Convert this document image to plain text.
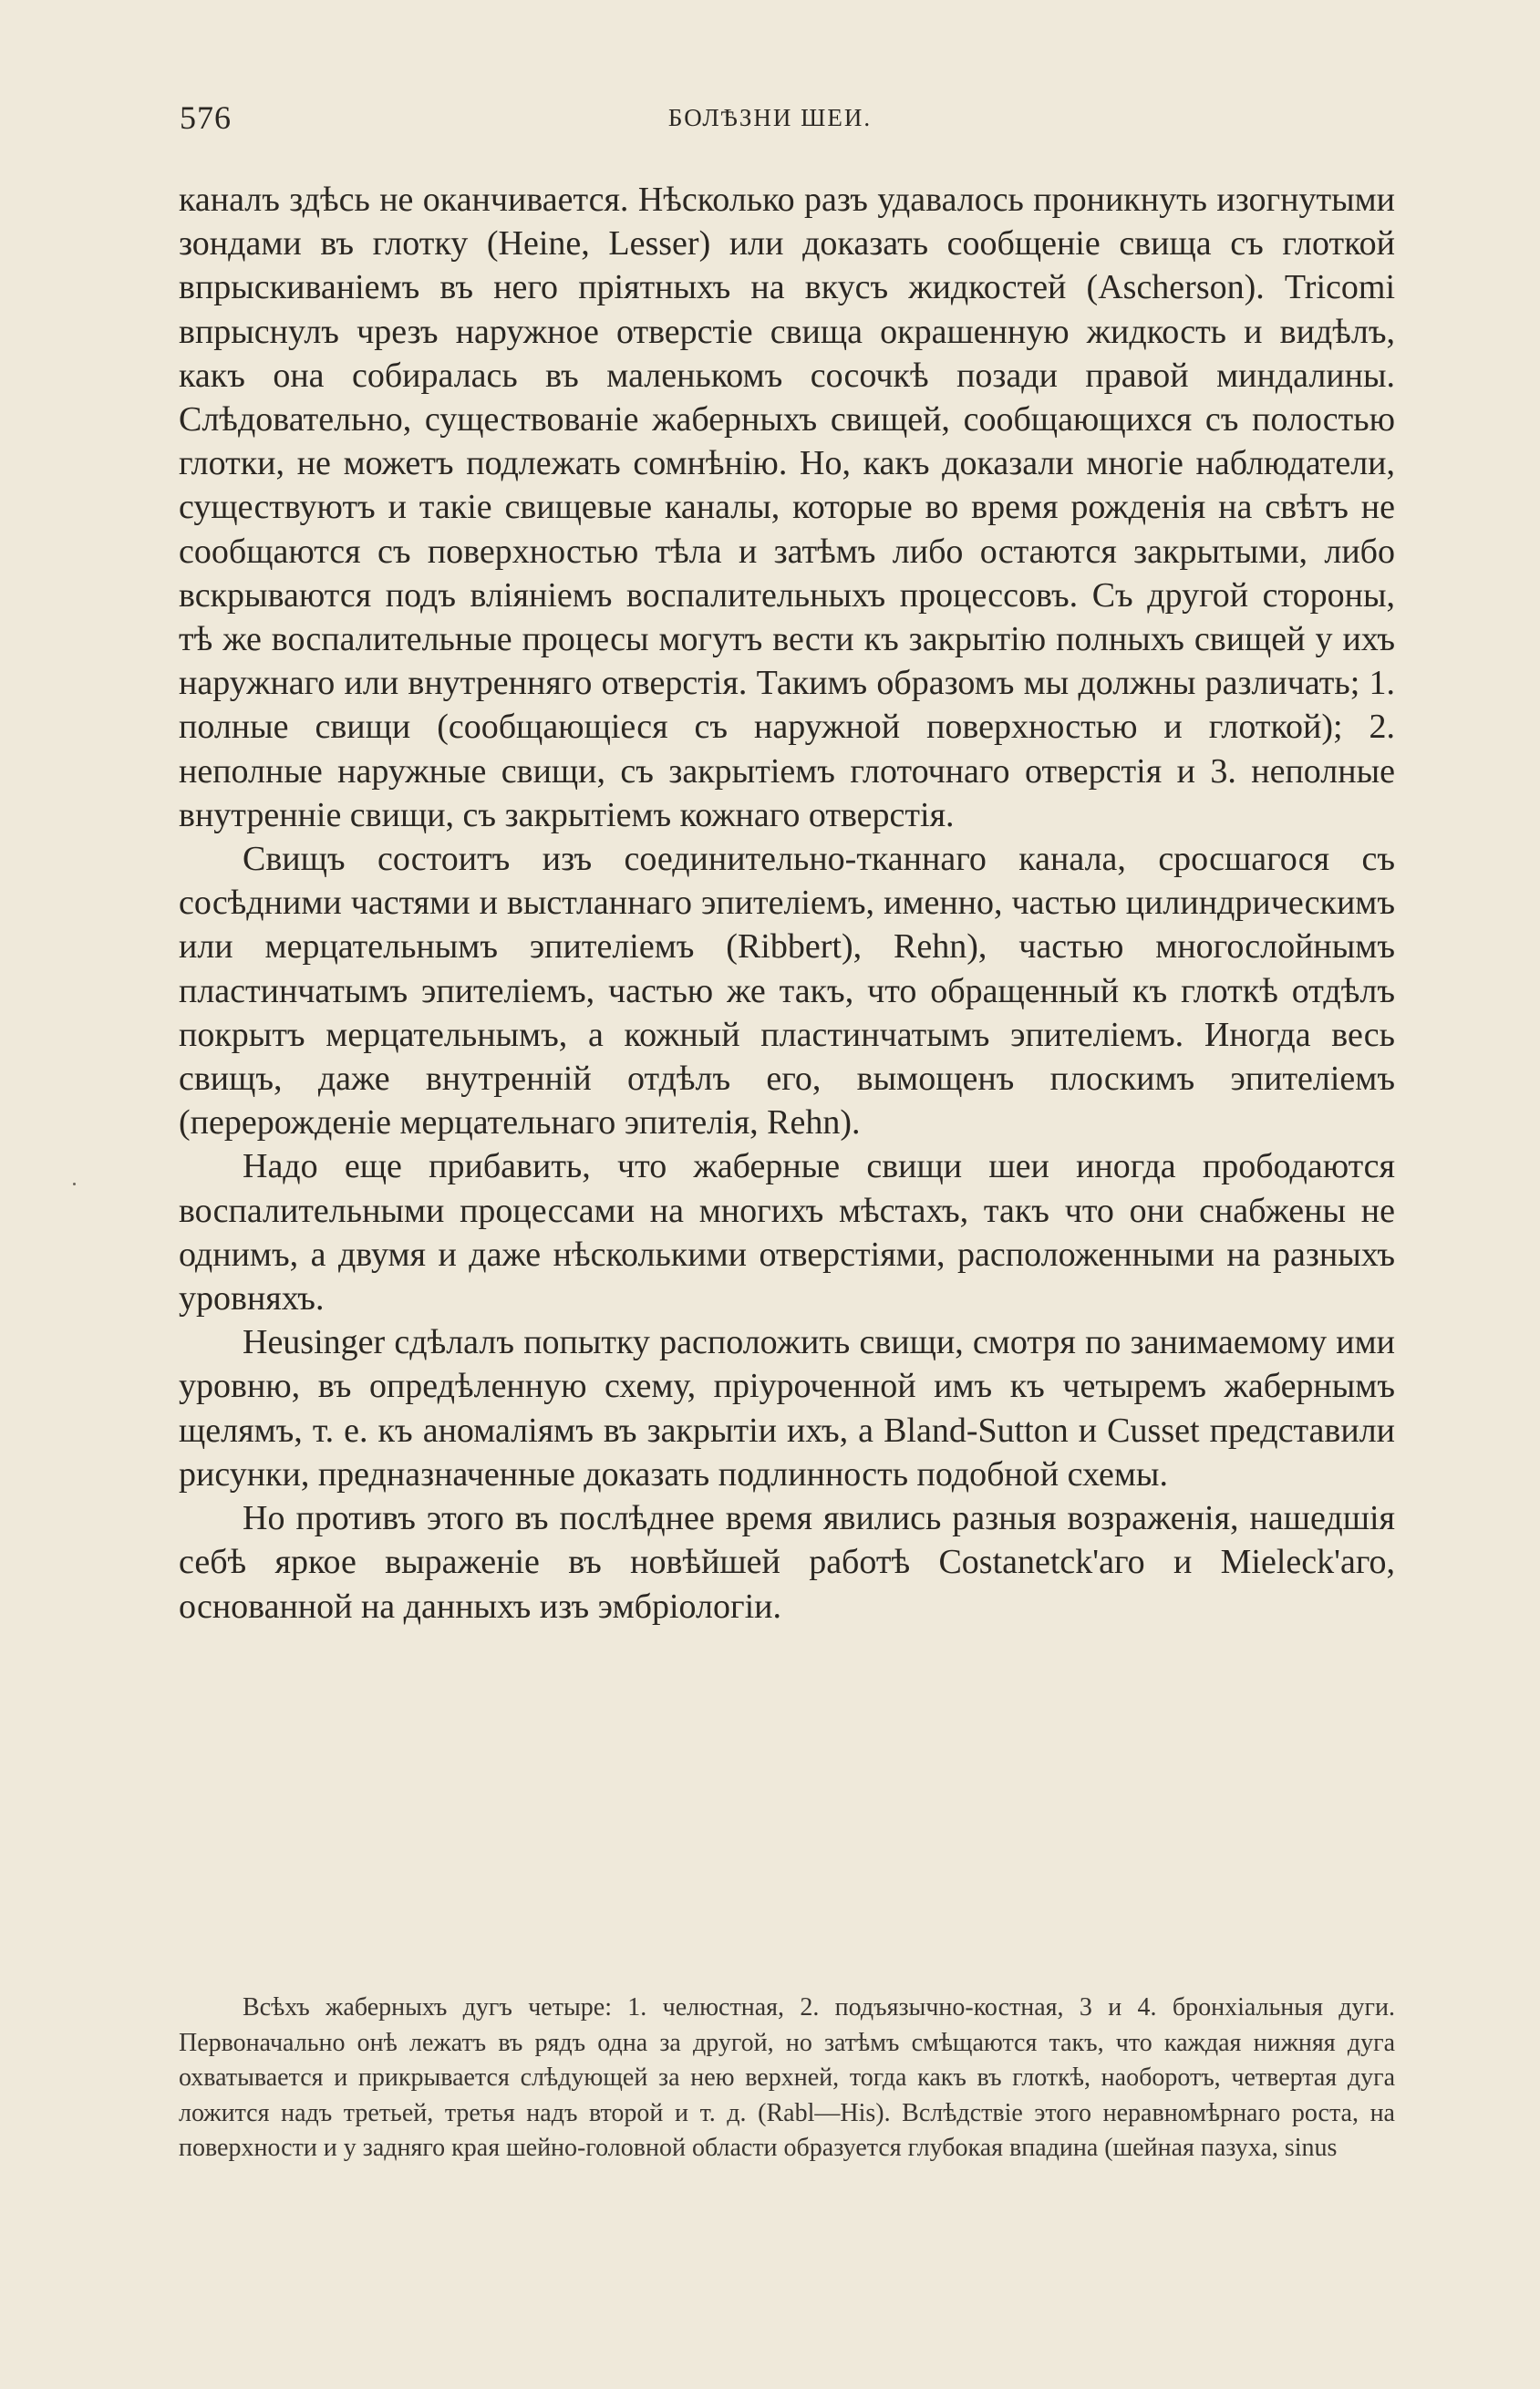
576	БОЛѢЗНИ ШЕИ.

каналъ здѣсь не оканчивается. Нѣсколько разъ удавалось проникнуть изогнутыми зондами въ глотку (Heine, Lesser) или доказать сообщенiе свища съ глоткой впрыскиванiемъ въ него прiятныхъ на вкусъ жидкостей (Ascherson). Tricomi впрыснулъ чрезъ наружное отверстiе свища окрашенную жидкость и видѣлъ, какъ она собиралась въ маленькомъ сосочкѣ позади правой миндалины. Слѣдовательно, существованiе жаберныхъ свищей, сообщающихся съ полостью глотки, не можетъ подлежать сомнѣнiю. Но, какъ доказали многiе наблюдатели, существуютъ и такiе свищевые каналы, которые во время рожденiя на свѣтъ не сообщаются съ поверхностью тѣла и затѣмъ либо остаются закрытыми, либо вскрываются подъ влiянiемъ воспалительныхъ процессовъ. Съ другой стороны, тѣ же воспалительные процесы могутъ вести къ закрытiю полныхъ свищей у ихъ наружнаго или внутренняго отверстiя. Такимъ образомъ мы должны различать; 1. полные свищи (сообщающiеся съ наружной поверхностью и глоткой); 2. неполные наружные свищи, съ закрытiемъ глоточнаго отверстiя и 3. неполные внутреннiе свищи, съ закрытiемъ кожнаго отверстiя.

Свищъ состоитъ изъ соединительно-тканнаго канала, сросшагося съ сосѣдними частями и выстланнаго эпителiемъ, именно, частью цилиндрическимъ или мерцательнымъ эпителiемъ (Ribbert), Rehn), частью многослойнымъ пластинчатымъ эпителiемъ, частью же такъ, что обращенный къ глоткѣ отдѣлъ покрытъ мерцательнымъ, а кожный пластинчатымъ эпителiемъ. Иногда весь свищъ, даже внутреннiй отдѣлъ его, вымощенъ плоскимъ эпителiемъ (перерожденiе мерцательнаго эпителiя, Rehn).

Надо еще прибавить, что жаберные свищи шеи иногда прободаются воспалительными процессами на многихъ мѣстахъ, такъ что они снабжены не однимъ, а двумя и даже нѣсколькими отверстiями, расположенными на разныхъ уровняхъ.

Heusinger сдѣлалъ попытку расположить свищи, смотря по занимаемому ими уровню, въ опредѣленную схему, прiуроченной имъ къ четыремъ жабернымъ щелямъ, т. е. къ аномалiямъ въ закрытiи ихъ, а Bland-Sutton и Cusset представили рисунки, предназначенные доказать подлинность подобной схемы.

Но противъ этого въ послѣднее время явились разныя возраженiя, нашедшiя себѣ яркое выраженiе въ новѣйшей работѣ Costanetck'аго и Mieleck'аго, основанной на данныхъ изъ эмбрiологiи.

Всѣхъ жаберныхъ дугъ четыре: 1. челюстная, 2. подъязычно-костная, 3 и 4. бронхiальныя дуги. Первоначально онѣ лежатъ въ рядъ одна за другой, но затѣмъ смѣщаются такъ, что каждая нижняя дуга охватывается и прикрывается слѣдующей за нею верхней, тогда какъ въ глоткѣ, наоборотъ, четвертая дуга ложится надъ третьей, третья надъ второй и т. д. (Rabl—His). Вслѣдствiе этого неравномѣрнаго роста, на поверхности и у задняго края шейно-головной области образуется глубокая впадина (шейная пазуха, sinus
